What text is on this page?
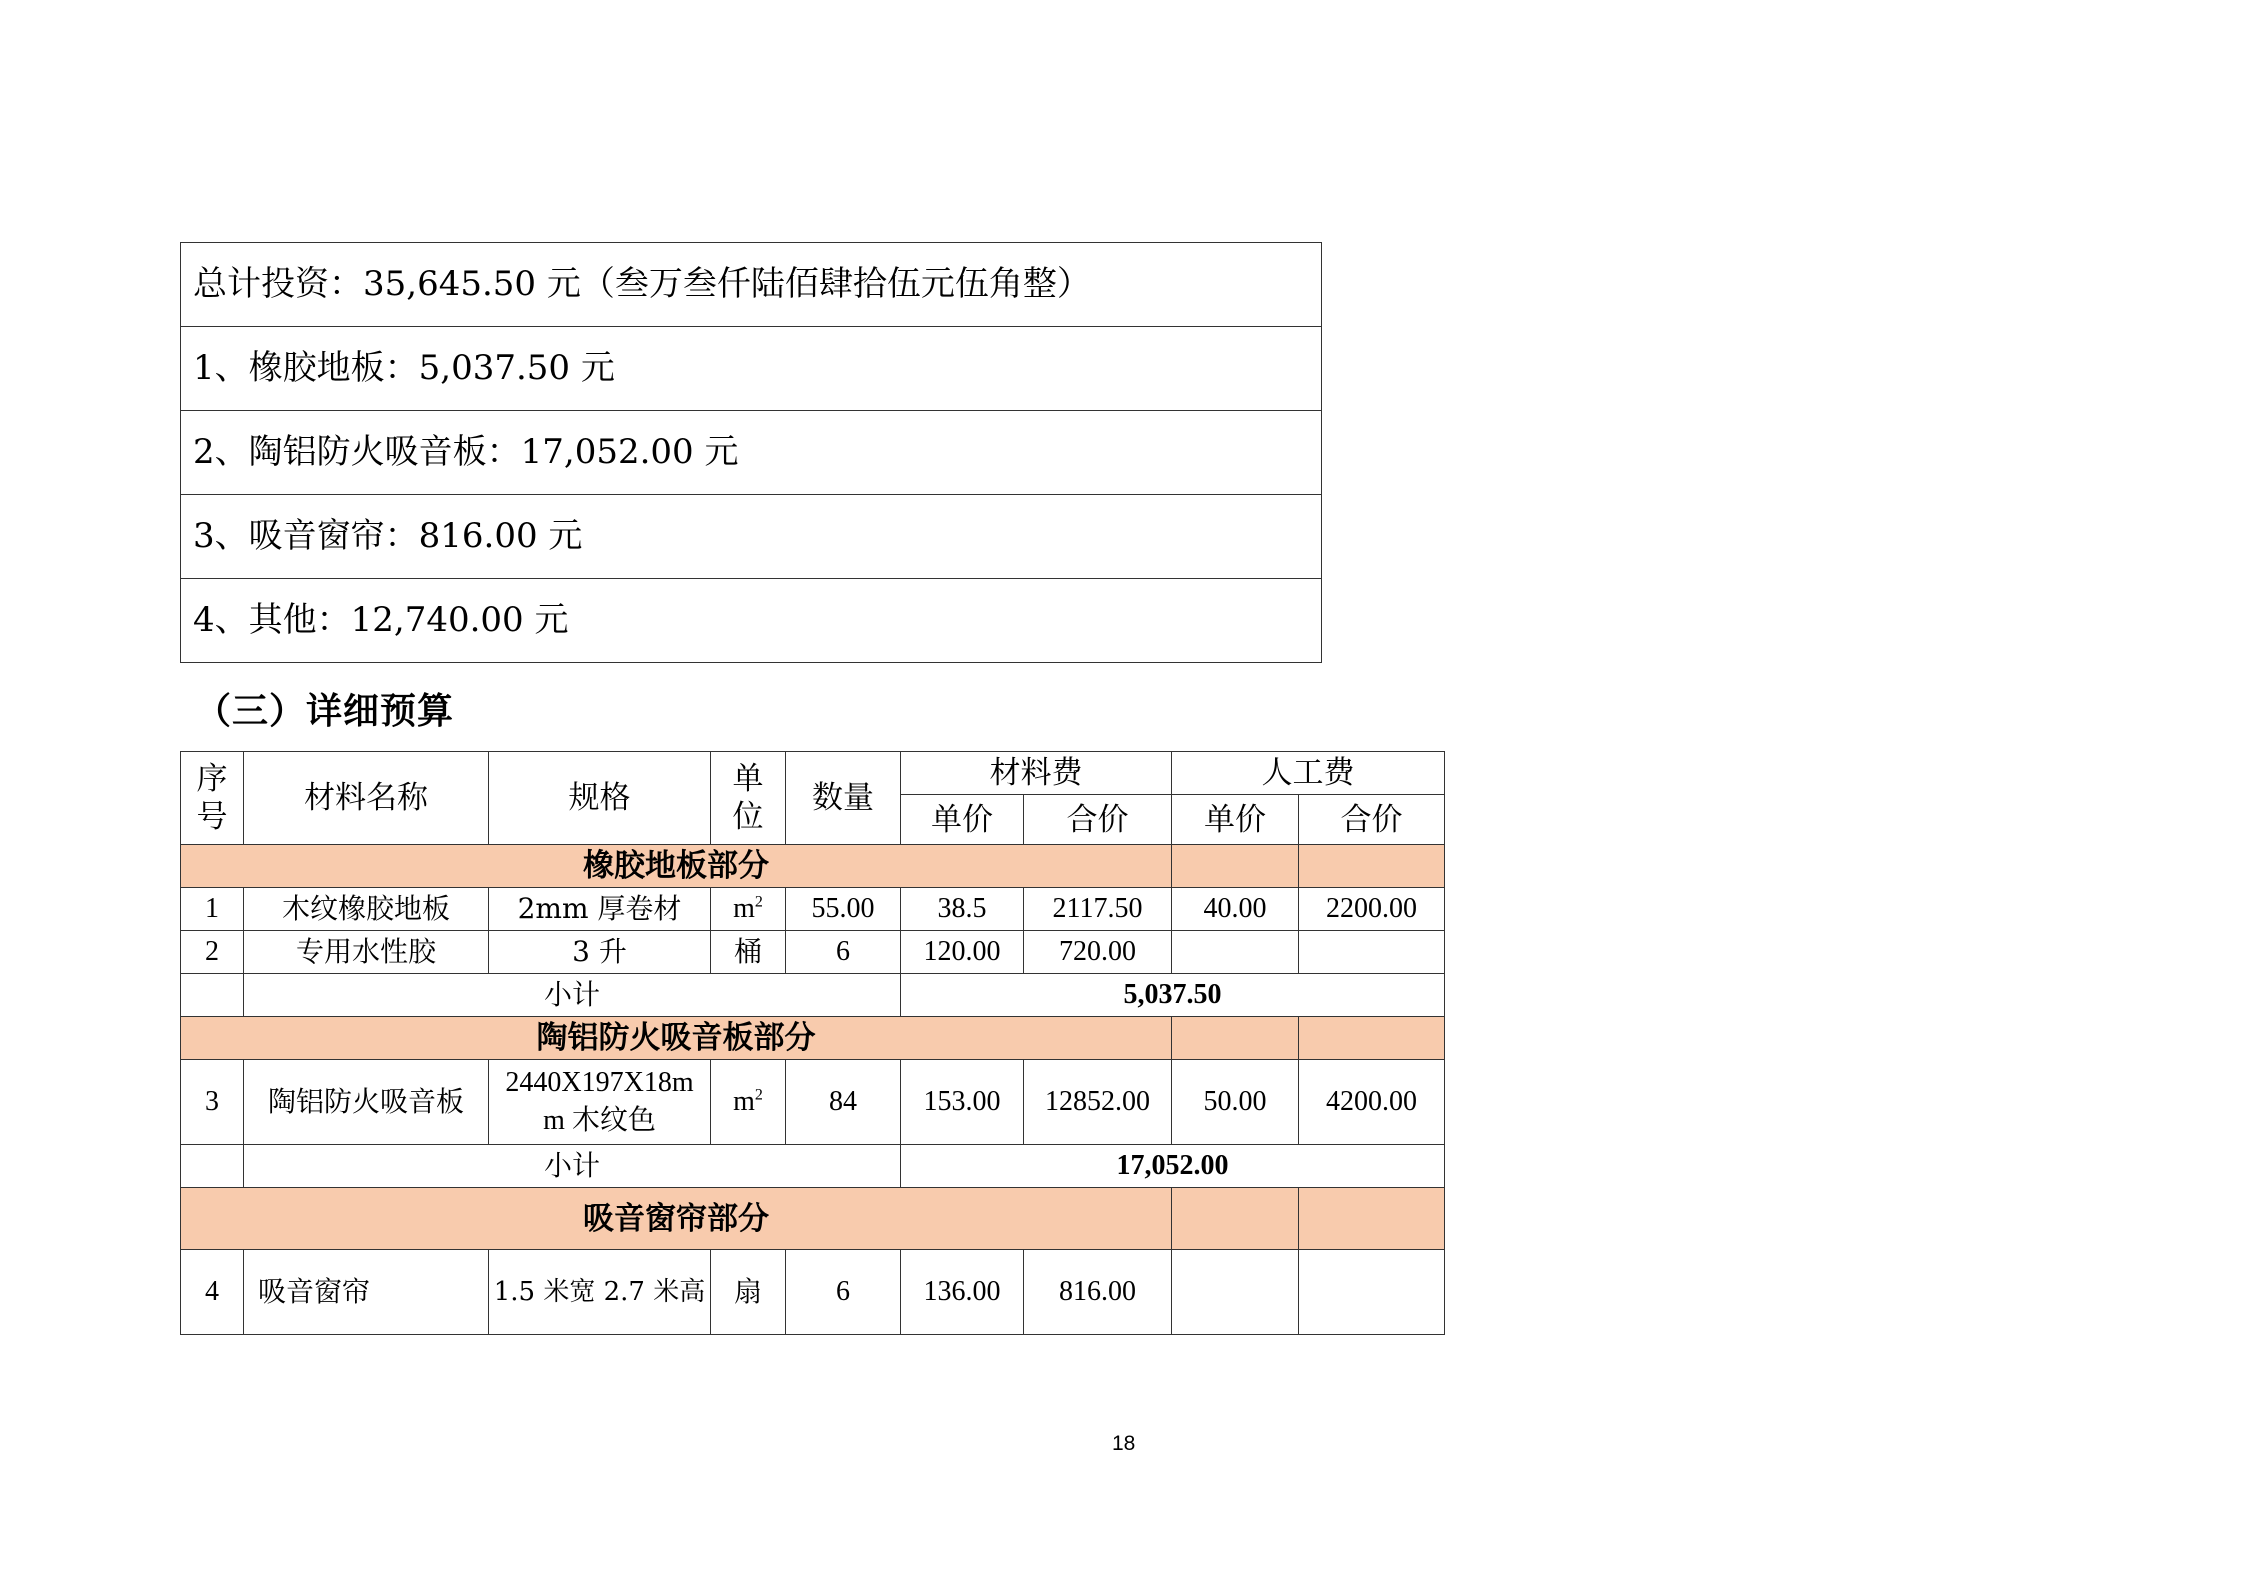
总计投资：35,645.50 元（叁万叁仟陆佰肆拾伍元伍角整）
1、橡胶地板：5,037.50 元
2、陶铝防火吸音板：17,052.00 元
3、吸音窗帘：816.00 元
4、其他：12,740.00 元
（三）详细预算
序号	材料名称	规格	单位	数量	材料费		人工费	
					单价	合价	单价	合价
橡胶地板部分								
1	木纹橡胶地板	2mm 厚卷材	$m^2$	55.00	38.5	2117.50	40.00	2200.00
2	专用水性胶	3 升	桶	6	120.00	720.00		
	小计				5,037.50			
陶铝防火吸音板部分								
3	陶铝防火吸音板	2440X197X18m
m 木纹色	$m^2$	84	153.00	12852.00	50.00	4200.00
	小计				17,052.00			
吸音窗帘部分								
4	吸音窗帘	1.5 米宽 2.7 米高	扇	6	136.00	816.00		
18
